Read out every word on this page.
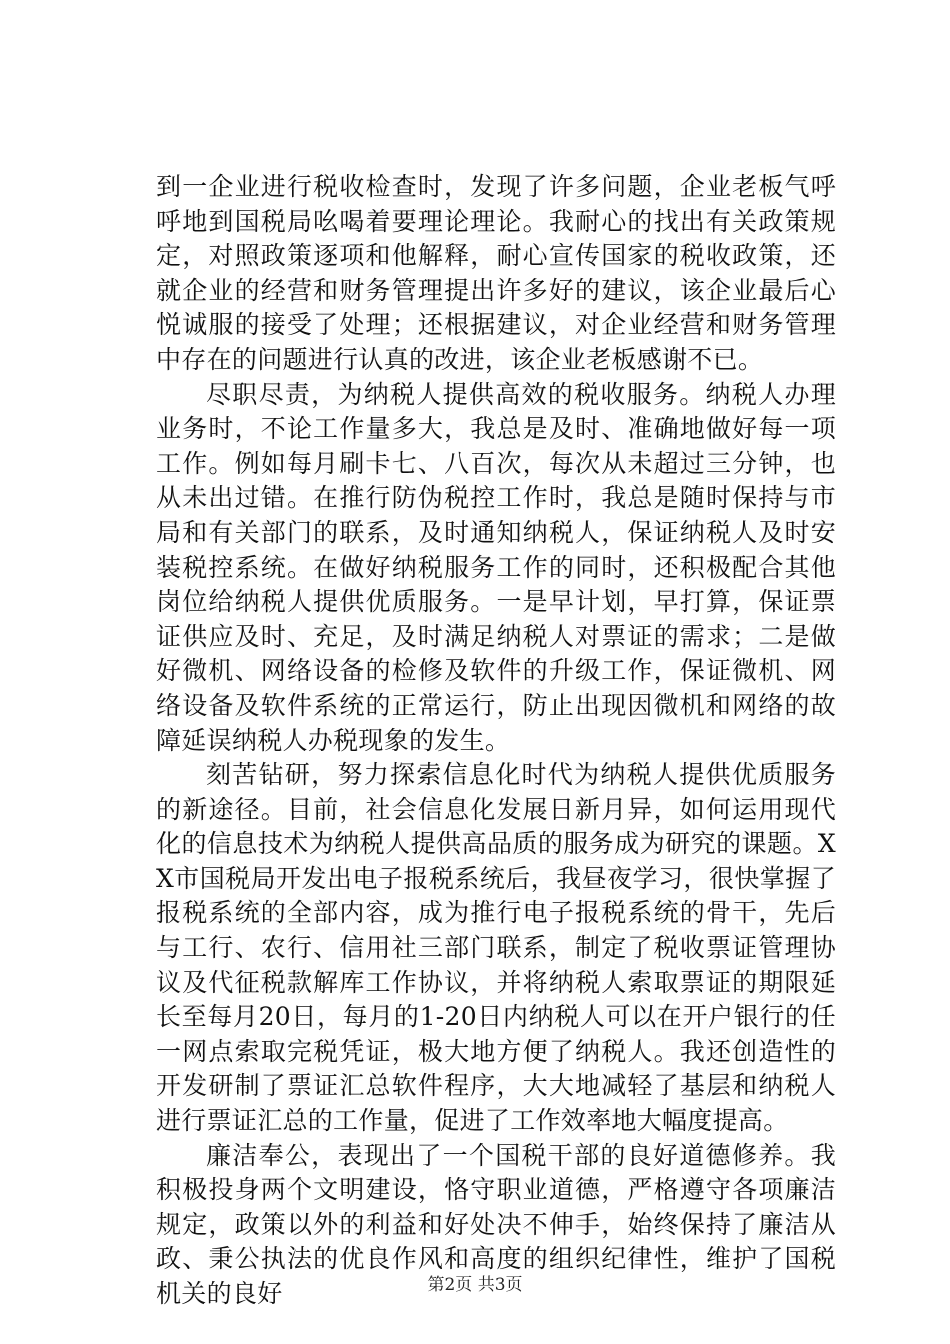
到一企业进行税收检查时，发现了许多问题，企业老板气呼呼地到国税局吆喝着要理论理论。我耐心的找出有关政策规定，对照政策逐项和他解释，耐心宣传国家的税收政策，还就企业的经营和财务管理提出许多好的建议，该企业最后心悦诚服的接受了处理；还根据建议，对企业经营和财务管理中存在的问题进行认真的改进，该企业老板感谢不已。

尽职尽责，为纳税人提供高效的税收服务。纳税人办理业务时，不论工作量多大，我总是及时、准确地做好每一项工作。例如每月刷卡七、八百次，每次从未超过三分钟，也从未出过错。在推行防伪税控工作时，我总是随时保持与市局和有关部门的联系，及时通知纳税人，保证纳税人及时安装税控系统。在做好纳税服务工作的同时，还积极配合其他岗位给纳税人提供优质服务。一是早计划，早打算，保证票证供应及时、充足，及时满足纳税人对票证的需求；二是做好微机、网络设备的检修及软件的升级工作，保证微机、网络设备及软件系统的正常运行，防止出现因微机和网络的故障延误纳税人办税现象的发生。

刻苦钻研，努力探索信息化时代为纳税人提供优质服务的新途径。目前，社会信息化发展日新月异，如何运用现代化的信息技术为纳税人提供高品质的服务成为研究的课题。XX市国税局开发出电子报税系统后，我昼夜学习，很快掌握了报税系统的全部内容，成为推行电子报税系统的骨干，先后与工行、农行、信用社三部门联系，制定了税收票证管理协议及代征税款解库工作协议，并将纳税人索取票证的期限延长至每月20日，每月的1-20日内纳税人可以在开户银行的任一网点索取完税凭证，极大地方便了纳税人。我还创造性的开发研制了票证汇总软件程序，大大地减轻了基层和纳税人进行票证汇总的工作量，促进了工作效率地大幅度提高。

廉洁奉公，表现出了一个国税干部的良好道德修养。我积极投身两个文明建设，恪守职业道德，严格遵守各项廉洁规定，政策以外的利益和好处决不伸手，始终保持了廉洁从政、秉公执法的优良作风和高度的组织纪律性，维护了国税机关的良好	第2页 共3页
